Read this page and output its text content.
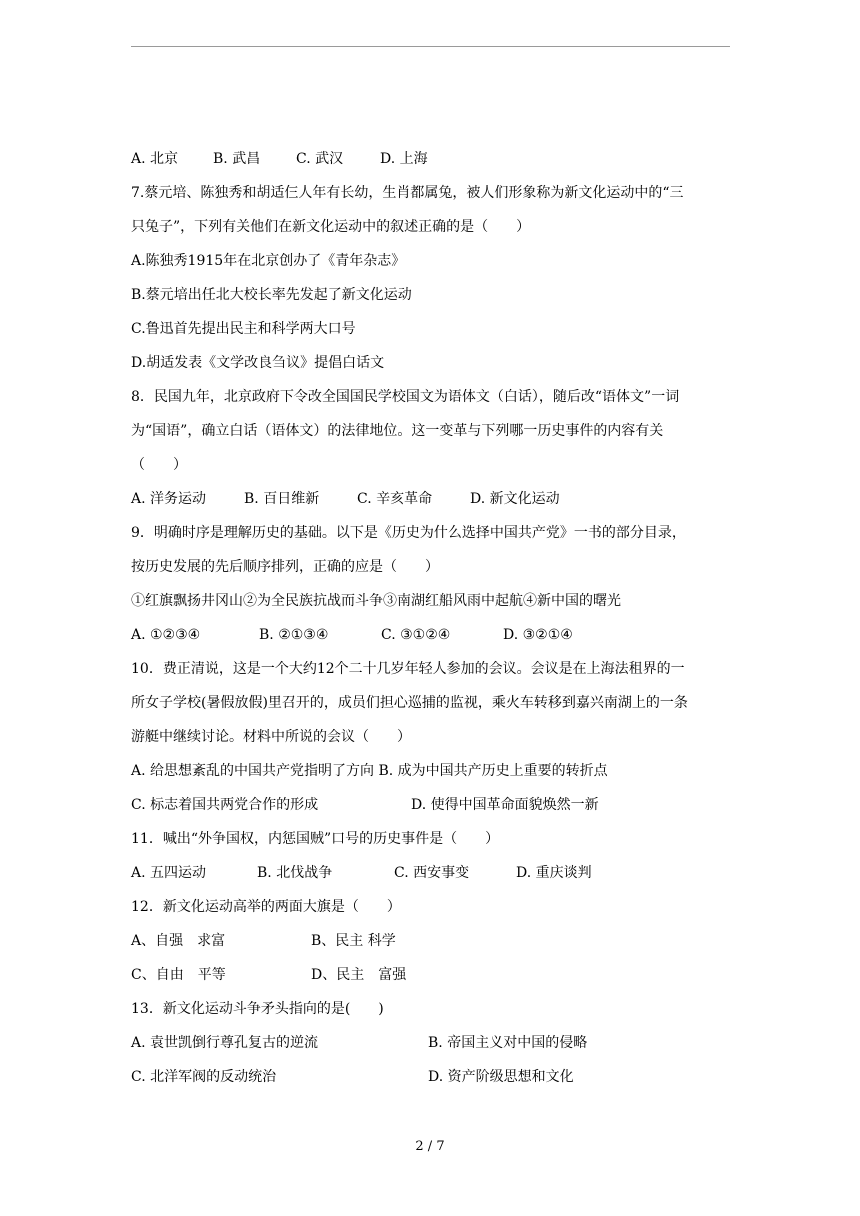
A. 北京	B. 武昌	C. 武汉	D. 上海
7.蔡元培、陈独秀和胡适仨人年有长幼，生肖都属兔，被人们形象称为新文化运动中的“三
只兔子”，下列有关他们在新文化运动中的叙述正确的是（　　）
A.陈独秀1915年在北京创办了《青年杂志》
B.蔡元培出任北大校长率先发起了新文化运动
C.鲁迅首先提出民主和科学两大口号
D.胡适发表《文学改良刍议》提倡白话文
8．民国九年，北京政府下令改全国国民学校国文为语体文（白话），随后改“语体文”一词
为“国语”，确立白话（语体文）的法律地位。这一变革与下列哪一历史事件的内容有关
（　　）
A. 洋务运动	B. 百日维新	C. 辛亥革命	D. 新文化运动
9．明确时序是理解历史的基础。以下是《历史为什么选择中国共产党》一书的部分目录，
按历史发展的先后顺序排列，正确的应是（　　）
①红旗飘扬井冈山②为全民族抗战而斗争③南湖红船风雨中起航④新中国的曙光
A. ①②③④	B. ②①③④	C. ③①②④	D. ③②①④
10．费正清说，这是一个大约12个二十几岁年轻人参加的会议。会议是在上海法租界的一
所女子学校(暑假放假)里召开的，成员们担心巡捕的监视，乘火车转移到嘉兴南湖上的一条
游艇中继续讨论。材料中所说的会议（　　）
A. 给思想紊乱的中国共产党指明了方向 B. 成为中国共产历史上重要的转折点
C. 标志着国共两党合作的形成	D. 使得中国革命面貌焕然一新
11．喊出“外争国权，内惩国贼”口号的历史事件是（　　）
A. 五四运动	B. 北伐战争	C. 西安事变	D. 重庆谈判
12．新文化运动高举的两面大旗是（　　）
A、自强　求富	B、民主 科学
C、自由　平等	D、民主　富强
13．新文化运动斗争矛头指向的是(　　)
A. 袁世凯倒行尊孔复古的逆流	B. 帝国主义对中国的侵略
C. 北洋军阀的反动统治	D. 资产阶级思想和文化
2 / 7
